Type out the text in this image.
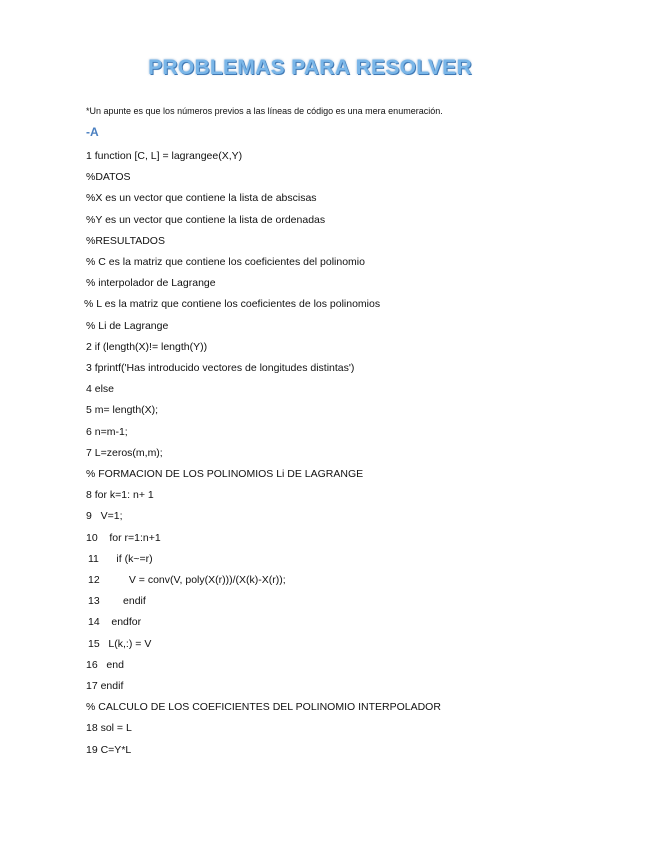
PROBLEMAS PARA RESOLVER
*Un apunte es que los números previos a las líneas de código es una mera enumeración.
-A
1 function [C, L] = lagrangee(X,Y)
%DATOS
%X es un vector que contiene la lista de abscisas
%Y es un vector que contiene la lista de ordenadas
%RESULTADOS
% C es la matriz que contiene los coeficientes del polinomio
% interpolador de Lagrange
% L es la matriz que contiene los coeficientes de los polinomios
% Li de Lagrange
2 if (length(X)!= length(Y))
3 fprintf('Has introducido vectores de longitudes distintas')
4 else
5 m= length(X);
6 n=m-1;
7 L=zeros(m,m);
% FORMACION DE LOS POLINOMIOS Li DE LAGRANGE
8 for k=1: n+ 1
9   V=1;
10    for r=1:n+1
11      if (k~=r)
12          V = conv(V, poly(X(r)))/(X(k)-X(r));
13        endif
14    endfor
15   L(k,:) = V
16   end
17 endif
% CALCULO DE LOS COEFICIENTES DEL POLINOMIO INTERPOLADOR
18 sol = L
19 C=Y*L
